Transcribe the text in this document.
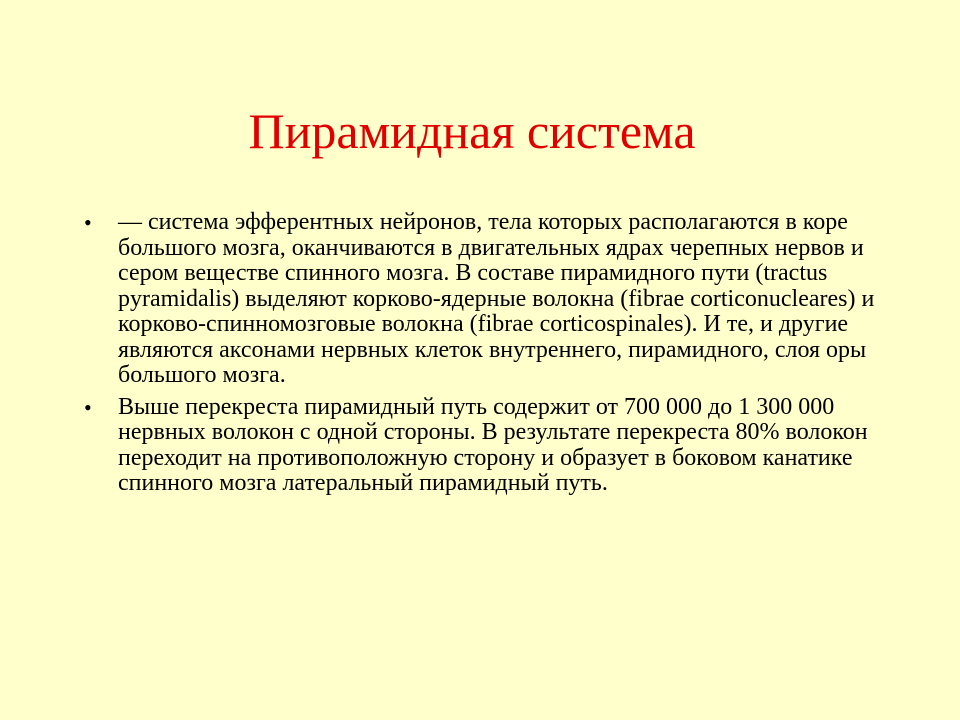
Пирамидная система
• — система эфферентных нейронов, тела которых располагаются в коре большого мозга, оканчиваются в двигательных ядрах черепных нервов и сером веществе спинного мозга. В составе пирамидного пути (tractus pyramidalis) выделяют корково-ядерные волокна (fibrae corticonucleares) и корково-спинномозговые волокна (fibrae corticospinales). И те, и другие являются аксонами нервных клеток внутреннего, пирамидного, слоя оры большого мозга.
• Выше перекреста пирамидный путь содержит от 700 000 до 1 300 000 нервных волокон с одной стороны. В результате перекреста 80% волокон переходит на противоположную сторону и образует в боковом канатике спинного мозга латеральный пирамидный путь.
